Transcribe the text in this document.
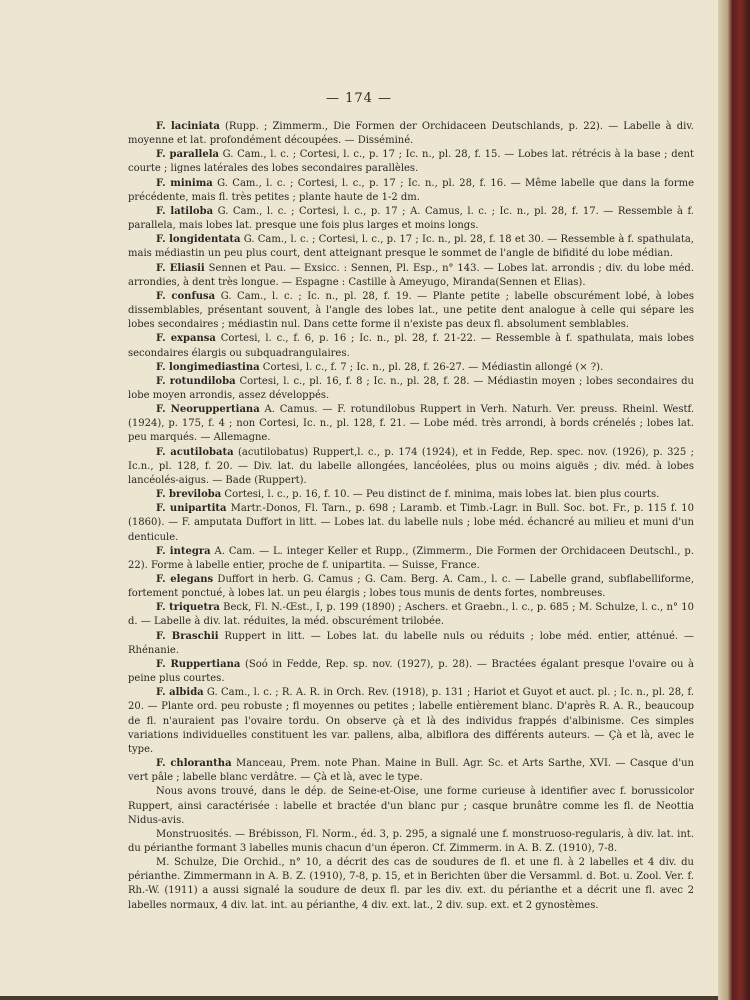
— 174 —

F. laciniata (Rupp. ; Zimmerm., Die Formen der Orchidaceen Deutschlands, p. 22). — Labelle à div. moyenne et lat. profondément découpées. — Disséminé.

F. parallela G. Cam., l. c. ; Cortesi, l. c., p. 17 ; Ic. n., pl. 28, f. 15. — Lobes lat. rétrécis à la base ; dent courte ; lignes latérales des lobes secondaires parallèles.

F. minima G. Cam., l. c. ; Cortesi, l. c., p. 17 ; Ic. n., pl. 28, f. 16. — Même labelle que dans la forme précédente, mais fl. très petites ; plante haute de 1-2 dm.

F. latiloba G. Cam., l. c. ; Cortesi, l. c., p. 17 ; A. Camus, l. c. ; Ic. n., pl. 28, f. 17. — Ressemble à f. parallela, mais lobes lat. presque une fois plus larges et moins longs.

F. longidentata G. Cam., l. c. ; Cortesi, l. c., p. 17 ; Ic. n., pl. 28, f. 18 et 30. — Ressemble à f. spathulata, mais médiastin un peu plus court, dent atteignant presque le sommet de l'angle de bifidité du lobe médian.

F. Eliasii Sennen et Pau. — Exsicc. : Sennen, Pl. Esp., n° 143. — Lobes lat. arrondis ; div. du lobe méd. arrondies, à dent très longue. — Espagne : Castille à Ameyugo, Miranda(Sennen et Elias).

F. confusa G. Cam., l. c. ; Ic. n., pl. 28, f. 19. — Plante petite ; labelle obscurément lobé, à lobes dissemblables, présentant souvent, à l'angle des lobes lat., une petite dent analogue à celle qui sépare les lobes secondaires ; médiastin nul. Dans cette forme il n'existe pas deux fl. absolument semblables.

F. expansa Cortesi, l. c., f. 6, p. 16 ; Ic. n., pl. 28, f. 21-22. — Ressemble à f. spathulata, mais lobes secondaires élargis ou subquadrangulaires.

F. longimediastina Cortesi, l. c., f. 7 ; Ic. n., pl. 28, f. 26-27. — Médiastin allongé (× ?).

F. rotundiloba Cortesi, l. c., pl. 16, f. 8 ; Ic. n., pl. 28, f. 28. — Médiastin moyen ; lobes secondaires du lobe moyen arrondis, assez développés.

F. Neoruppertiana A. Camus. — F. rotundilobus Ruppert in Verh. Naturh. Ver. preuss. Rheinl. Westf. (1924), p. 175, f. 4 ; non Cortesi, Ic. n., pl. 128, f. 21. — Lobe méd. très arrondi, à bords crénelés ; lobes lat. peu marqués. — Allemagne.

F. acutilobata (acutilobatus) Ruppert,l. c., p. 174 (1924), et in Fedde, Rep. spec. nov. (1926), p. 325 ; Ic.n., pl. 128, f. 20. — Div. lat. du labelle allongées, lancéolées, plus ou moins aiguës ; div. méd. à lobes lancéolés-aigus. — Bade (Ruppert).

F. breviloba Cortesi, l. c., p. 16, f. 10. — Peu distinct de f. minima, mais lobes lat. bien plus courts.

F. unipartita Martr.-Donos, Fl. Tarn., p. 698 ; Laramb. et Timb.-Lagr. in Bull. Soc. bot. Fr., p. 115 f. 10 (1860). — F. amputata Duffort in litt. — Lobes lat. du labelle nuls ; lobe méd. échancré au milieu et muni d'un denticule.

F. integra A. Cam. — L. integer Keller et Rupp., (Zimmerm., Die Formen der Orchidaceen Deutschl., p. 22). Forme à labelle entier, proche de f. unipartita. — Suisse, France.

F. elegans Duffort in herb. G. Camus ; G. Cam. Berg. A. Cam., l. c. — Labelle grand, subflabelliforme, fortement ponctué, à lobes lat. un peu élargis ; lobes tous munis de dents fortes, nombreuses.

F. triquetra Beck, Fl. N.-Œst., I, p. 199 (1890) ; Aschers. et Graebn., l. c., p. 685 ; M. Schulze, l. c., n° 10 d. — Labelle à div. lat. réduites, la méd. obscurément trilobée.

F. Braschii Ruppert in litt. — Lobes lat. du labelle nuls ou réduits ; lobe méd. entier, atténué. — Rhénanie.

F. Ruppertiana (Soó in Fedde, Rep. sp. nov. (1927), p. 28). — Bractées égalant presque l'ovaire ou à peine plus courtes.

F. albida G. Cam., l. c. ; R. A. R. in Orch. Rev. (1918), p. 131 ; Hariot et Guyot et auct. pl. ; Ic. n., pl. 28, f. 20. — Plante ord. peu robuste ; fl moyennes ou petites ; labelle entièrement blanc. D'après R. A. R., beaucoup de fl. n'auraient pas l'ovaire tordu. On observe çà et là des individus frappés d'albinisme. Ces simples variations individuelles constituent les var. pallens, alba, albiflora des différents auteurs. — Çà et là, avec le type.

F. chlorantha Manceau, Prem. note Phan. Maine in Bull. Agr. Sc. et Arts Sarthe, XVI. — Casque d'un vert pâle ; labelle blanc verdâtre. — Çà et là, avec le type.

Nous avons trouvé, dans le dép. de Seine-et-Oise, une forme curieuse à identifier avec f. borussicolor Ruppert, ainsi caractérisée : labelle et bractée d'un blanc pur ; casque brunâtre comme les fl. de Neottia Nidus-avis.

Monstruosités. — Brébisson, Fl. Norm., éd. 3, p. 295, a signalé une f. monstruoso-regularis, à div. lat. int. du périanthe formant 3 labelles munis chacun d'un éperon. Cf. Zimmerm. in A. B. Z. (1910), 7-8.

M. Schulze, Die Orchid., n° 10, a décrit des cas de soudures de fl. et une fl. à 2 labelles et 4 div. du périanthe. Zimmermann in A. B. Z. (1910), 7-8, p. 15, et in Berichten über die Versamml. d. Bot. u. Zool. Ver. f. Rh.-W. (1911) a aussi signalé la soudure de deux fl. par les div. ext. du périanthe et a décrit une fl. avec 2 labelles normaux, 4 div. lat. int. au périanthe, 4 div. ext. lat., 2 div. sup. ext. et 2 gynostèmes.
